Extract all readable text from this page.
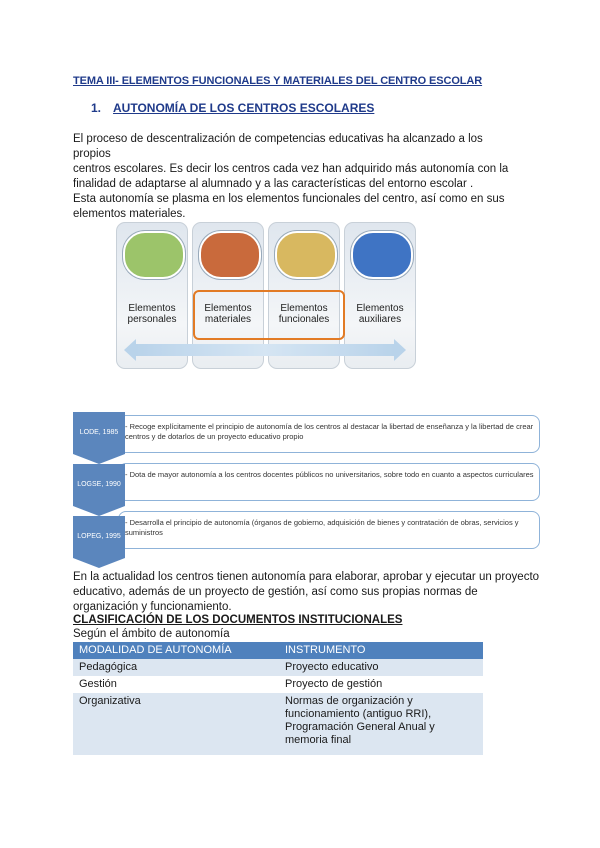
TEMA III- ELEMENTOS FUNCIONALES Y MATERIALES DEL CENTRO ESCOLAR
1. AUTONOMÍA DE LOS CENTROS ESCOLARES
El proceso de descentralización de competencias educativas ha alcanzado a los propios
centros escolares. Es decir los centros cada vez han adquirido más autonomía con la
finalidad de adaptarse al alumnado y a las características del entorno escolar .
Esta autonomía se plasma en los elementos funcionales del centro, así como en sus
elementos materiales.
Elementos
personales
Elementos
materiales
Elementos
funcionales
Elementos
auxiliares
- Recoge explícitamente el principio de autonomía de los centros al destacar la libertad de enseñanza y la libertad de crear centros y de dotarlos de un proyecto educativo propio
LODE, 1985
- Dota de mayor autonomía a los centros docentes públicos no universitarios, sobre todo en cuanto a aspectos curriculares
LOGSE, 1990
- Desarrolla el principio de autonomía (órganos de gobierno, adquisición de bienes y contratación de obras, servicios y suministros
LOPEG, 1995
En la actualidad los centros tienen autonomía para elaborar, aprobar y ejecutar un proyecto
educativo, además de un proyecto de gestión, así como sus propias normas de
organización y funcionamiento.
CLASIFICACIÓN DE LOS DOCUMENTOS INSTITUCIONALES
Según el ámbito de autonomía
MODALIDAD DE AUTONOMÍA	INSTRUMENTO
Pedagógica	Proyecto educativo
Gestión	Proyecto de gestión
Organizativa	Normas de organización y funcionamiento (antiguo RRI), Programación General Anual y memoria final
